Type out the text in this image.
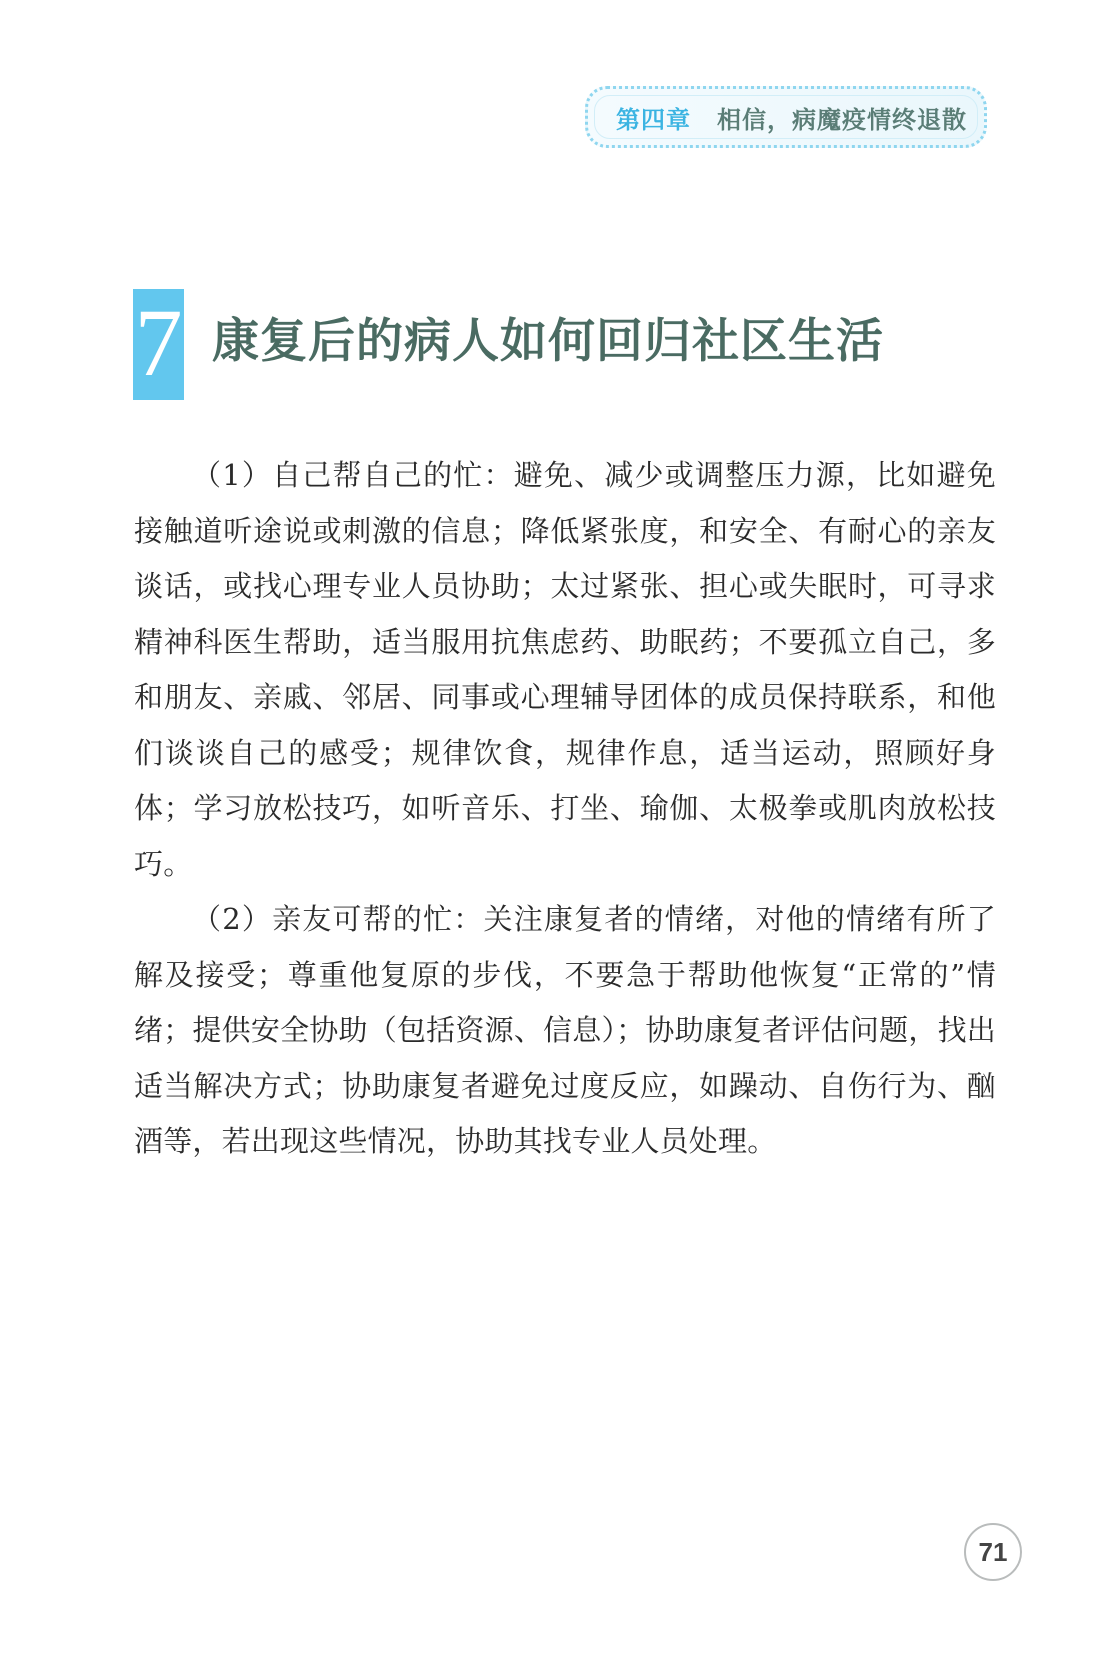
第四章 相信，病魔疫情终退散
7 康复后的病人如何回归社区生活

（1）自己帮自己的忙：避免、减少或调整压力源，比如避免接触道听途说或刺激的信息；降低紧张度，和安全、有耐心的亲友谈话，或找心理专业人员协助；太过紧张、担心或失眠时，可寻求精神科医生帮助，适当服用抗焦虑药、助眠药；不要孤立自己，多和朋友、亲戚、邻居、同事或心理辅导团体的成员保持联系，和他们谈谈自己的感受；规律饮食，规律作息，适当运动，照顾好身体；学习放松技巧，如听音乐、打坐、瑜伽、太极拳或肌肉放松技巧。

（2）亲友可帮的忙：关注康复者的情绪，对他的情绪有所了解及接受；尊重他复原的步伐，不要急于帮助他恢复“正常的”情绪；提供安全协助（包括资源、信息）；协助康复者评估问题，找出适当解决方式；协助康复者避免过度反应，如躁动、自伤行为、酗酒等，若出现这些情况，协助其找专业人员处理。

71
